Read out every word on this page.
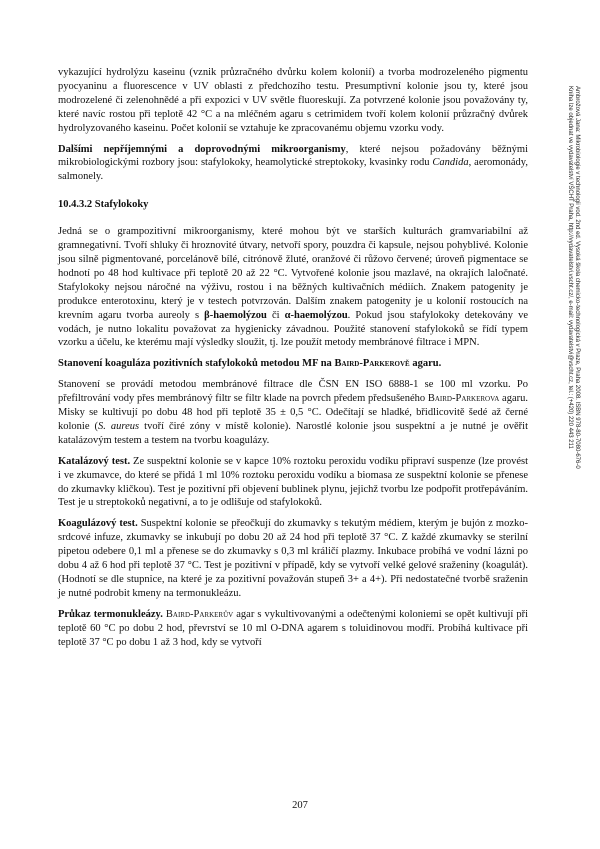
vykazující hydrolýzu kaseinu (vznik průzračného dvůrku kolem kolonií) a tvorba modrozeleného pigmentu pyocyaninu a fluorescence v UV oblasti z předchozího testu. Presumptivní kolonie jsou ty, které jsou modrozelené či zelenohnědé a při expozici v UV světle fluoreskují. Za potvrzené kolonie jsou považovány ty, které navíc rostou při teplotě 42 °C a na mléčném agaru s cetrimidem tvoří kolem kolonií průzračný dvůrek hydrolyzovaného kaseinu. Počet kolonií se vztahuje ke zpracovanému objemu vzorku vody.

Dalšími nepříjemnými a doprovodnými mikroorganismy, které nejsou požadovány běžnými mikrobiologickými rozbory jsou: stafylokoky, heamolytické streptokoky, kvasinky rodu Candida, aeromonády, salmonely.

10.4.3.2 Stafylokoky

Jedná se o grampozitivní mikroorganismy, které mohou být ve starších kulturách gramvariabilní až gramnegativní. Tvoří shluky či hroznovité útvary, netvoří spory, pouzdra či kapsule, nejsou pohyblivé. Kolonie jsou silně pigmentované, porcelánově bílé, citrónově žluté, oranžové či růžovo červené; úroveň pigmentace se hodnotí po 48 hod kultivace při teplotě 20 až 22 °C. Vytvořené kolonie jsou mazlavé, na okrajích laločnaté. Stafylokoky nejsou náročné na výživu, rostou i na běžných kultivačních médiích. Znakem patogenity je produkce enterotoxinu, který je v testech potvrzován. Dalším znakem patogenity je u kolonií rostoucích na krevním agaru tvorba aureoly s β-haemolýzou či α-haemolýzou. Pokud jsou stafylokoky detekovány ve vodách, je nutno lokalitu považovat za hygienicky závadnou. Použité stanovení stafylokoků se řídí typem vzorku a účelu, ke kterému mají výsledky sloužit, tj. lze použít metody membránové filtrace i MPN.

Stanovení koaguláza pozitivních stafylokoků metodou MF na Baird-Parkerově agaru.

Stanovení se provádí metodou membránové filtrace dle ČSN EN ISO 6888-1 se 100 ml vzorku. Po přefiltrování vody přes membránový filtr se filtr klade na povrch předem předsušeného Baird-Parkerova agaru. Misky se kultivují po dobu 48 hod při teplotě 35 ± 0,5 °C. Odečítají se hladké, břidlicovitě šedé až černé kolonie (S. aureus tvoří čiré zóny v místě kolonie). Narostlé kolonie jsou suspektní a je nutné je ověřit katalázovým testem a testem na tvorbu koagulázy.

Katalázový test. Ze suspektní kolonie se v kapce 10% roztoku peroxidu vodíku připraví suspenze (lze provést i ve zkumavce, do které se přidá 1 ml 10% roztoku peroxidu vodíku a biomasa ze suspektní kolonie se přenese do zkumavky kličkou). Test je pozitivní při objevení bublinek plynu, jejichž tvorbu lze podpořit protřepáváním. Test je u streptokoků negativní, a to je odlišuje od stafylokoků.

Koagulázový test. Suspektní kolonie se přeočkují do zkumavky s tekutým médiem, kterým je bujón z mozko-srdcové infuze, zkumavky se inkubují po dobu 20 až 24 hod při teplotě 37 °C. Z každé zkumavky se sterilní pipetou odebere 0,1 ml a přenese se do zkumavky s 0,3 ml králičí plazmy. Inkubace probíhá ve vodní lázni po dobu 4 až 6 hod při teplotě 37 °C. Test je pozitivní v případě, kdy se vytvoří velké gelové sraženiny (koagulát). (Hodnotí se dle stupnice, na které je za pozitivní považován stupeň 3+ a 4+). Při nedostatečné tvorbě sraženin je nutné podrobit kmeny na termonukleázu.

Průkaz termonukleázy. Baird-Parkerův agar s vykultivovanými a odečtenými koloniemi se opět kultivují při teplotě 60 °C po dobu 2 hod, převrství se 10 ml O-DNA agarem s toluidinovou modří. Probíhá kultivace při teplotě 37 °C po dobu 1 až 3 hod, kdy se vytvoří

Ambrožová Jana: Mikrobiologie v technologii vod. 2nd ed. Vysoká škola chemicko-technologická v Praze, Praha 2008. ISBN 978-80-7080-676-0
Kniha lze objednat ve vydavatelství VŠCHT Praha, http://vydavatelstvi.vscht.cz/, e-mail: vydavatelstvi@vscht.cz, tel.: (+420) 220 443 211
207
